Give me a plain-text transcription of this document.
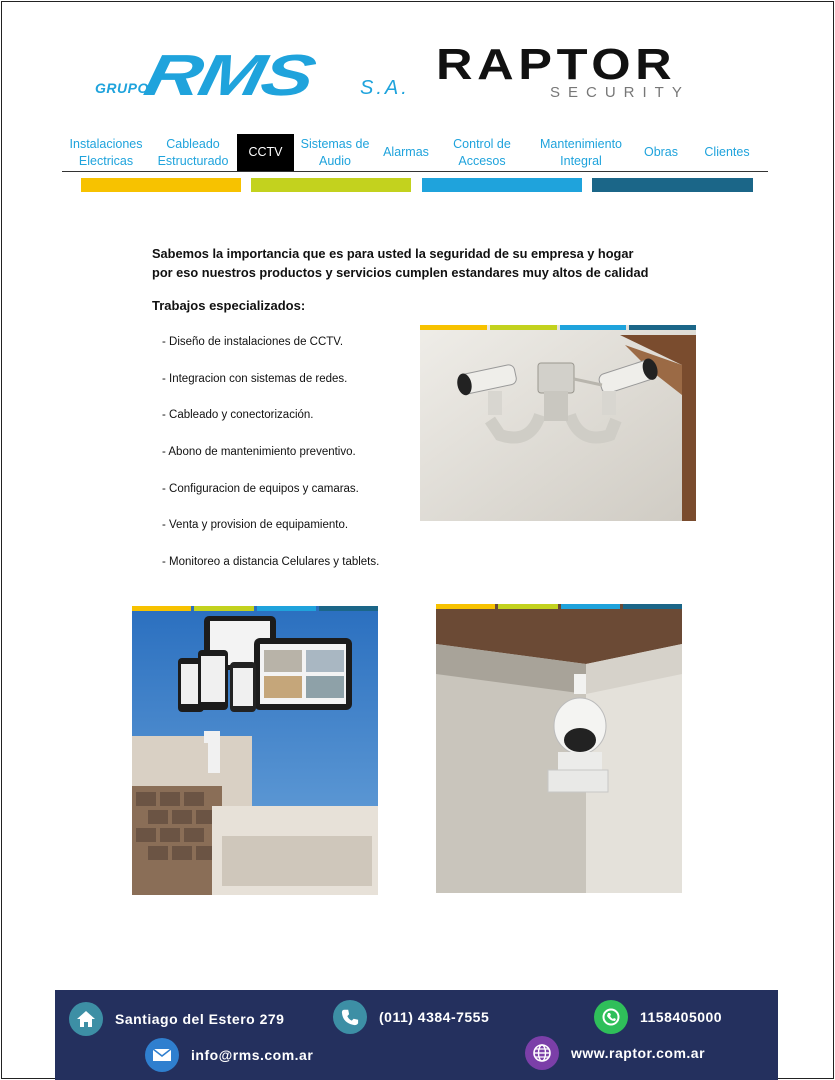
GRUPO
RMS S.A. RAPTOR
SECURITY
Instalaciones
Electricas
Cableado
Estructurado
CCTV
Sistemas de
Audio
Alarmas
Control de
Accesos
Mantenimiento
Integral
Obras Clientes
Sabemos la importancia que es para usted la seguridad de su empresa y hogar
por eso nuestros productos y servicios cumplen estandares muy altos de calidad
Trabajos especializados:
- Diseño de instalaciones de CCTV.
- Integracion con sistemas de redes.
- Cableado y conectorización.
- Abono de mantenimiento preventivo.
- Configuracion de equipos y camaras.
- Venta y provision de equipamiento.
- Monitoreo a distancia Celulares y tablets.
Santiago del Estero 279	(011) 4384-7555	1158405000
info@rms.com.ar	www.raptor.com.ar
